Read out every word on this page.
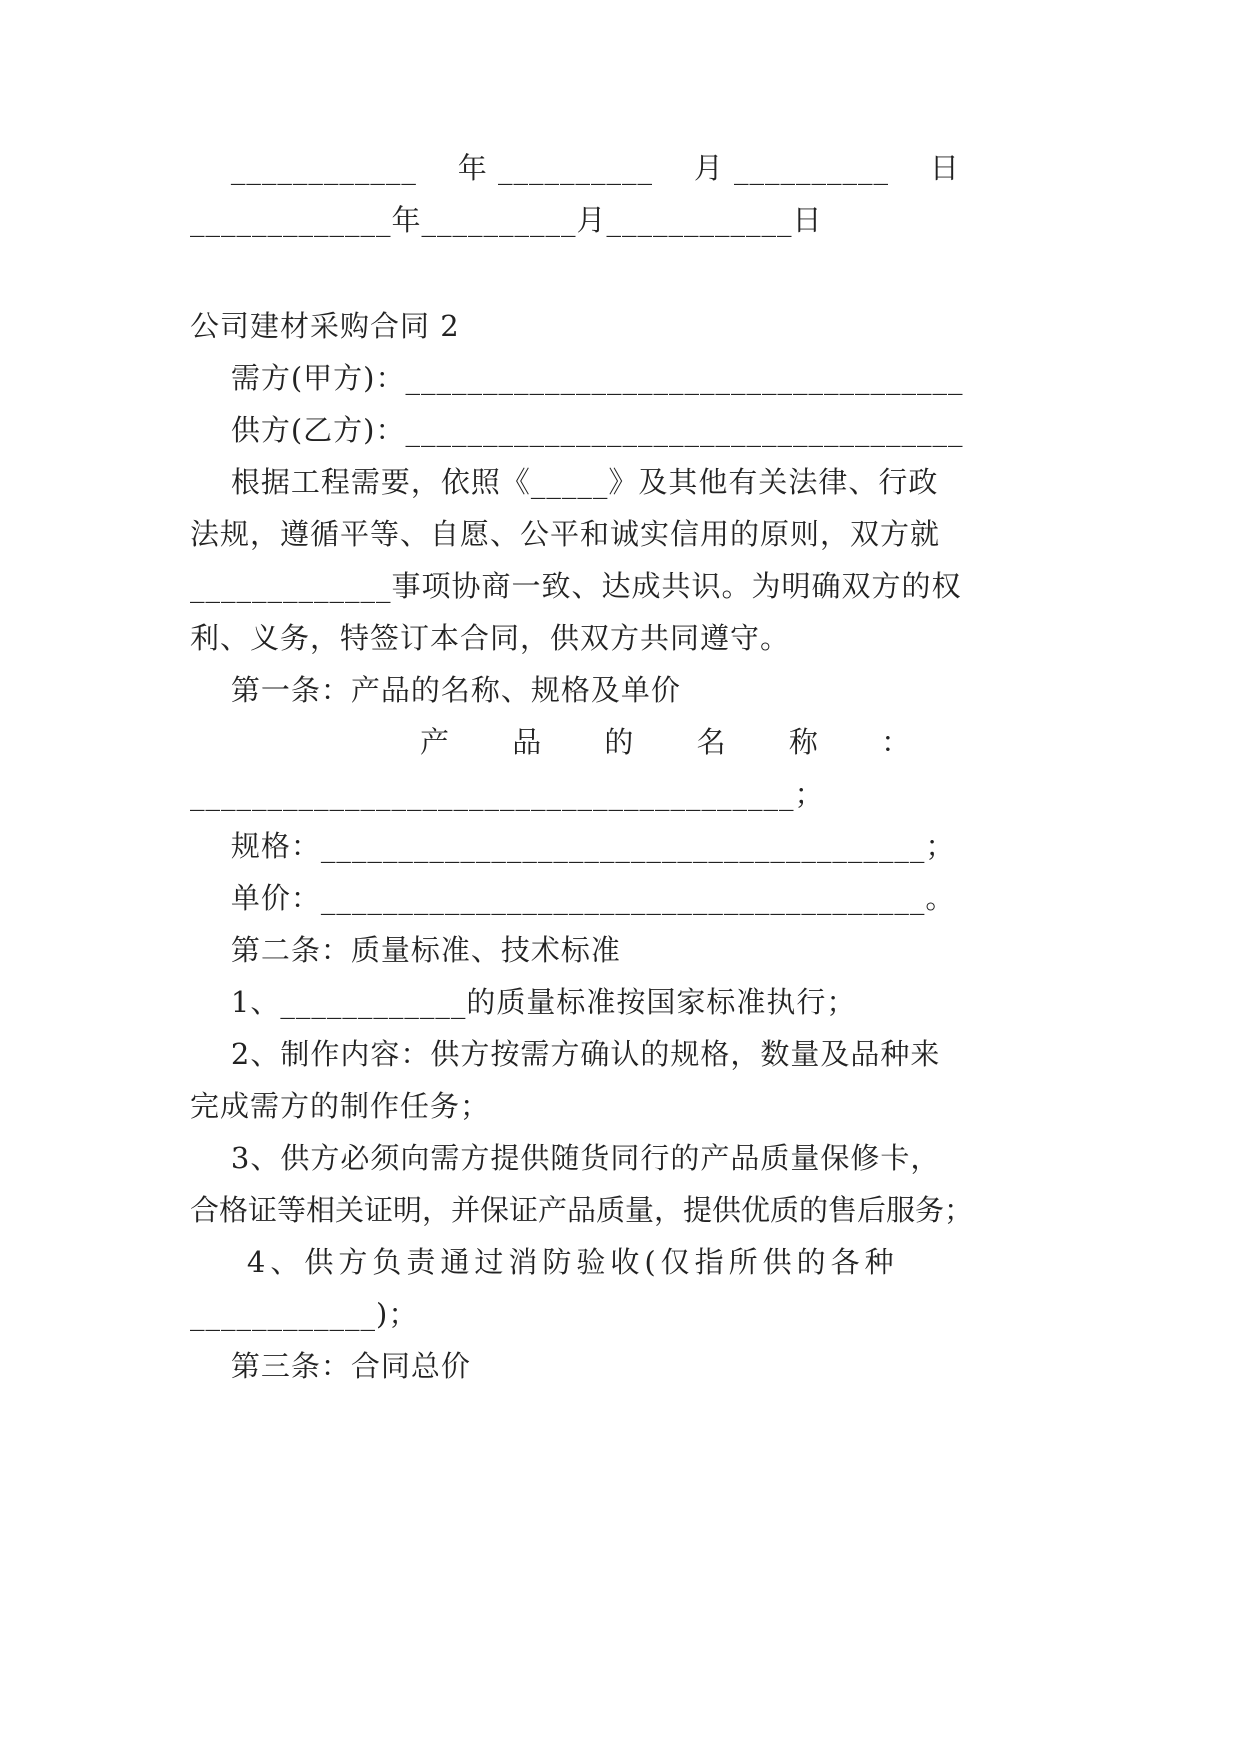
____________    年 __________    月 __________    日
_____________年__________月____________日
公司建材采购合同 2
需方(甲方)：____________________________________
供方(乙方)：____________________________________
根据工程需要，依照《_____》及其他有关法律、行政
法规，遵循平等、自愿、公平和诚实信用的原则，双方就
_____________事项协商一致、达成共识。为明确双方的权
利、义务，特签订本合同，供双方共同遵守。
第一条：产品的名称、规格及单价
产 品 的 名 称 ：
_______________________________________；
规格：_______________________________________；
单价：_______________________________________。
第二条：质量标准、技术标准
1、____________的质量标准按国家标准执行；
2、制作内容：供方按需方确认的规格，数量及品种来
完成需方的制作任务；
3、供方必须向需方提供随货同行的产品质量保修卡，
合格证等相关证明，并保证产品质量，提供优质的售后服务；
4、供方负责通过消防验收(仅指所供的各种
____________)；
第三条：合同总价
